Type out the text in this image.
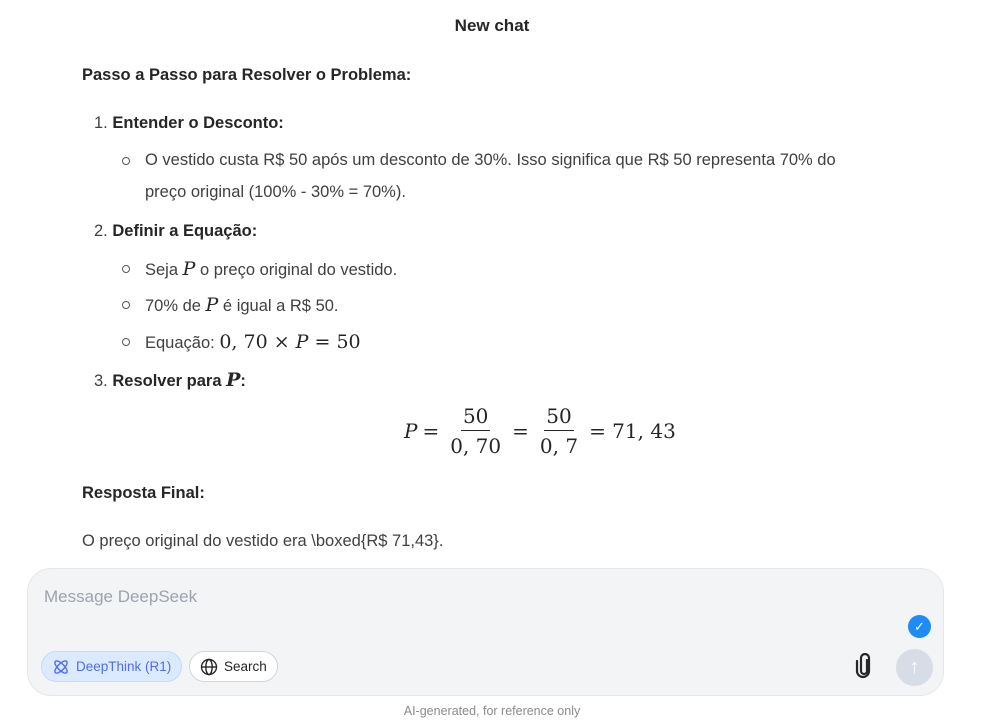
New chat
Passo a Passo para Resolver o Problema:
1. Entender o Desconto:
O vestido custa R$ 50 após um desconto de 30%. Isso significa que R$ 50 representa 70% do
preço original (100% - 30% = 70%).
2. Definir a Equação:
Seja P o preço original do vestido.
70% de P é igual a R$ 50.
Equação: 0, 70 × P = 50
3. Resolver para P:
$P = \frac{50}{0, 70} = \frac{50}{0, 7} = 71$, 43
Resposta Final:
O preço original do vestido era \boxed{R$ 71,43}.
Message DeepSeek
✓
DeepThink (R1)	Search	↑
AI-generated, for reference only
